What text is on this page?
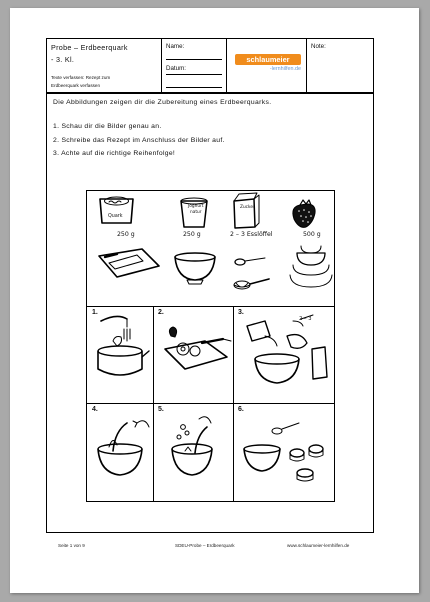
Probe – Erdbeerquark
- 3. Kl.
Texte verfassen: Rezept zum
Erdbeerquark verfassen
Name:
Datum:
schlaumeier
-lernhilfen.de
Note:
Die Abbildungen zeigen dir die Zubereitung eines Erdbeerquarks.
1. Schau dir die Bilder genau an.
2. Schreibe das Rezept im Anschluss der Bilder auf.
3. Achte auf die richtige Reihenfolge!
1.	2.	3.
4.	5.	6.
250 g	250 g	2 – 3 Esslöffel	500 g
Quark
Joghurt
natur
Zucker
2 – 3
Seite 1 von 9	SDEU-Probe – Erdbeerquark	www.schlaumeier-lernhilfen.de
